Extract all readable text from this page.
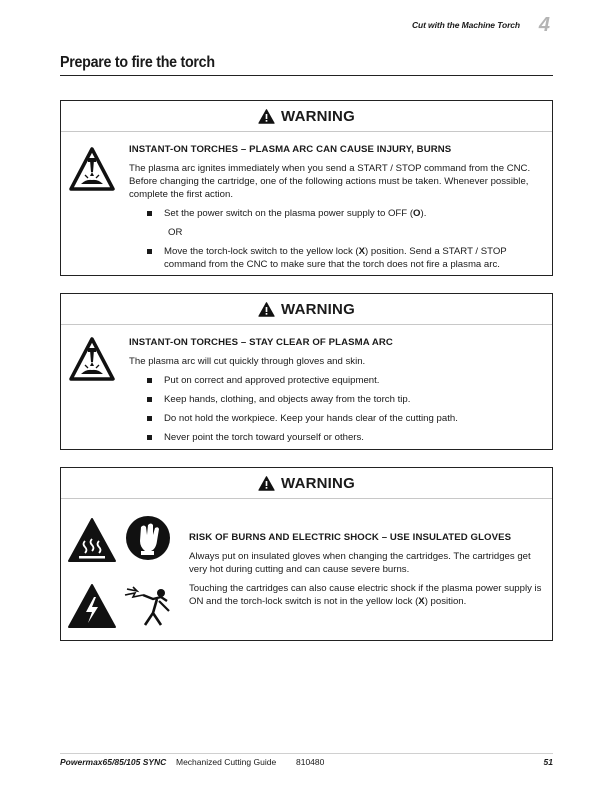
Cut with the Machine Torch 4
Prepare to fire the torch
WARNING
INSTANT-ON TORCHES – PLASMA ARC CAN CAUSE INJURY, BURNS
The plasma arc ignites immediately when you send a START / STOP command from the CNC. Before changing the cartridge, one of the following actions must be taken. Whenever possible, complete the first action.
Set the power switch on the plasma power supply to OFF (O).
OR
Move the torch-lock switch to the yellow lock (X) position. Send a START / STOP command from the CNC to make sure that the torch does not fire a plasma arc.
WARNING
INSTANT-ON TORCHES – STAY CLEAR OF PLASMA ARC
The plasma arc will cut quickly through gloves and skin.
Put on correct and approved protective equipment.
Keep hands, clothing, and objects away from the torch tip.
Do not hold the workpiece. Keep your hands clear of the cutting path.
Never point the torch toward yourself or others.
WARNING
RISK OF BURNS AND ELECTRIC SHOCK – USE INSULATED GLOVES
Always put on insulated gloves when changing the cartridges. The cartridges get very hot during cutting and can cause severe burns.
Touching the cartridges can also cause electric shock if the plasma power supply is ON and the torch-lock switch is not in the yellow lock (X) position.
Powermax65/85/105 SYNC	Mechanized Cutting Guide	810480	51
